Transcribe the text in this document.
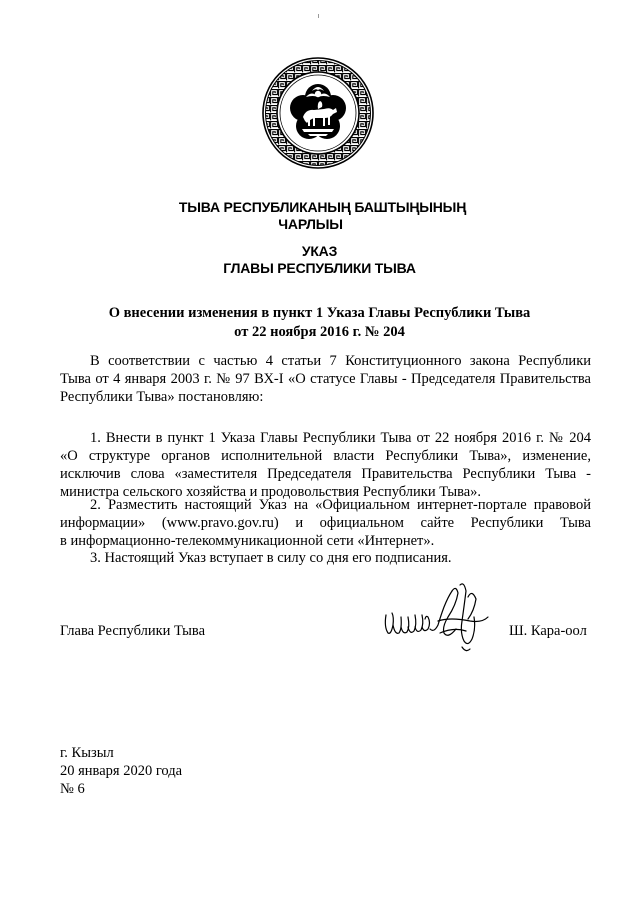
ТЫВА РЕСПУБЛИКАНЫҢ БАШТЫҢЫНЫҢ

ЧАРЛЫЫ

УКАЗ

ГЛАВЫ РЕСПУБЛИКИ ТЫВА

О внесении изменения в пункт 1 Указа Главы Республики Тыва

от 22 ноября 2016 г. № 204

В соответствии с частью 4 статьи 7 Конституционного закона Республики
Тыва от 4 января 2003 г. № 97 ВХ-I «О статусе Главы - Председателя Правительства
Республики Тыва» постановляю:
1. Внести в пункт 1 Указа Главы Республики Тыва от 22 ноября 2016 г. № 204
«О структуре органов исполнительной власти Республики Тыва», изменение,
исключив слова «заместителя Председателя Правительства Республики Тыва -
министра сельского хозяйства и продовольствия Республики Тыва».
2. Разместить настоящий Указ на «Официальном интернет-портале правовой
информации» (www.pravo.gov.ru) и официальном сайте Республики Тыва
в информационно-телекоммуникационной сети «Интернет».
3. Настоящий Указ вступает в силу со дня его подписания.

Глава Республики Тыва	Ш. Кара-оол

г. Кызыл
20 января 2020 года
№ 6
